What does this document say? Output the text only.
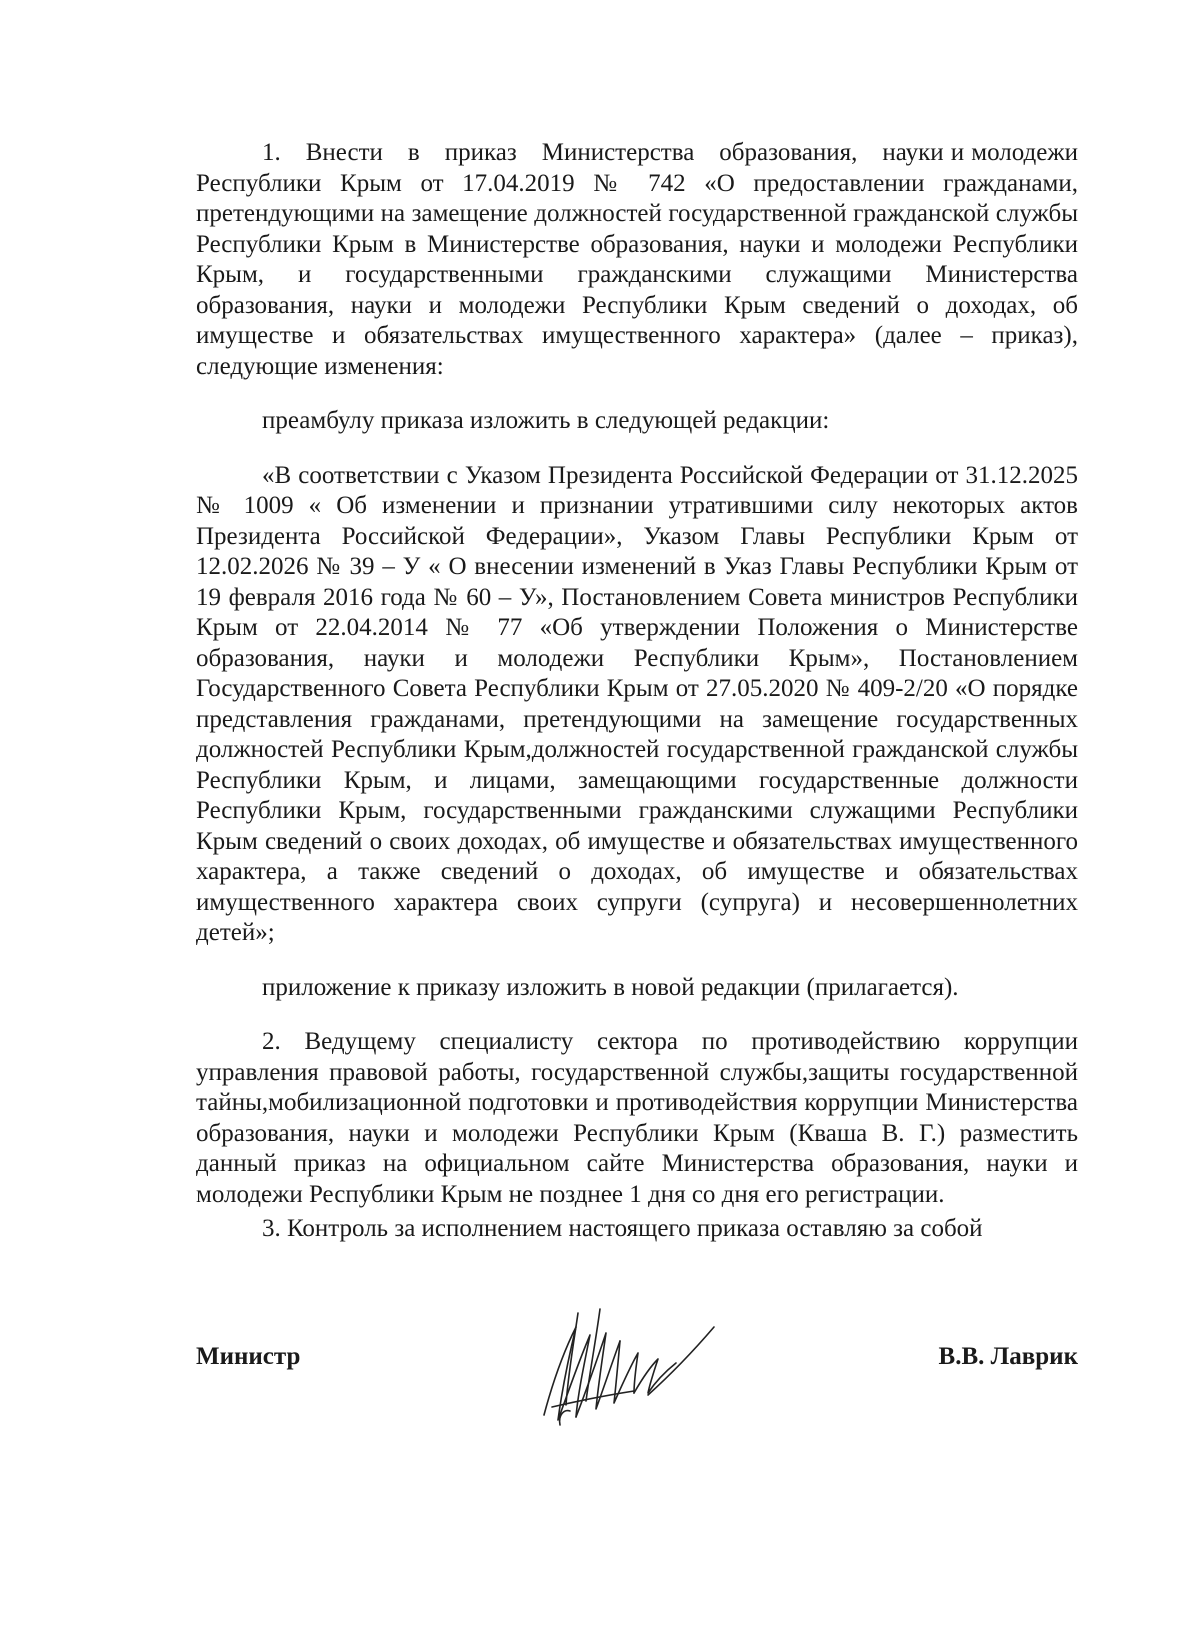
1. Внести в приказ Министерства образования, науки и молодежи Республики Крым от 17.04.2019 № 742 «О предоставлении гражданами, претендующими на замещение должностей государственной гражданской службы Республики Крым в Министерстве образования, науки и молодежи Республики Крым, и государственными гражданскими служащими Министерства образования, науки и молодежи Республики Крым сведений о доходах, об имуществе и обязательствах имущественного характера» (далее – приказ), следующие изменения:

преамбулу приказа изложить в следующей редакции:

«В соответствии с Указом Президента Российской Федерации от 31.12.2025 № 1009 « Об изменении и признании утратившими силу некоторых актов Президента Российской Федерации», Указом Главы Республики Крым от 12.02.2026 № 39 – У « О внесении изменений в Указ Главы Республики Крым от 19 февраля 2016 года № 60 – У», Постановлением Совета министров Республики Крым от 22.04.2014 № 77 «Об утверждении Положения о Министерстве образования, науки и молодежи Республики Крым», Постановлением Государственного Совета Республики Крым от 27.05.2020 № 409-2/20 «О порядке представления гражданами, претендующими на замещение государственных должностей Республики Крым,должностей государственной гражданской службы Республики Крым, и лицами, замещающими государственные должности Республики Крым, государственными гражданскими служащими Республики Крым сведений о своих доходах, об имуществе и обязательствах имущественного характера, а также сведений о доходах, об имуществе и обязательствах имущественного характера своих супруги (супруга) и несовершеннолетних детей»;

приложение к приказу изложить в новой редакции (прилагается).

2. Ведущему специалисту сектора по противодействию коррупции управления правовой работы, государственной службы,защиты государственной тайны,мобилизационной подготовки и противодействия коррупции Министерства образования, науки и молодежи Республики Крым (Кваша В. Г.) разместить данный приказ на официальном сайте Министерства образования, науки и молодежи Республики Крым не позднее 1 дня со дня его регистрации.

3. Контроль за исполнением настоящего приказа оставляю за собой

Министр	В.В. Лаврик
